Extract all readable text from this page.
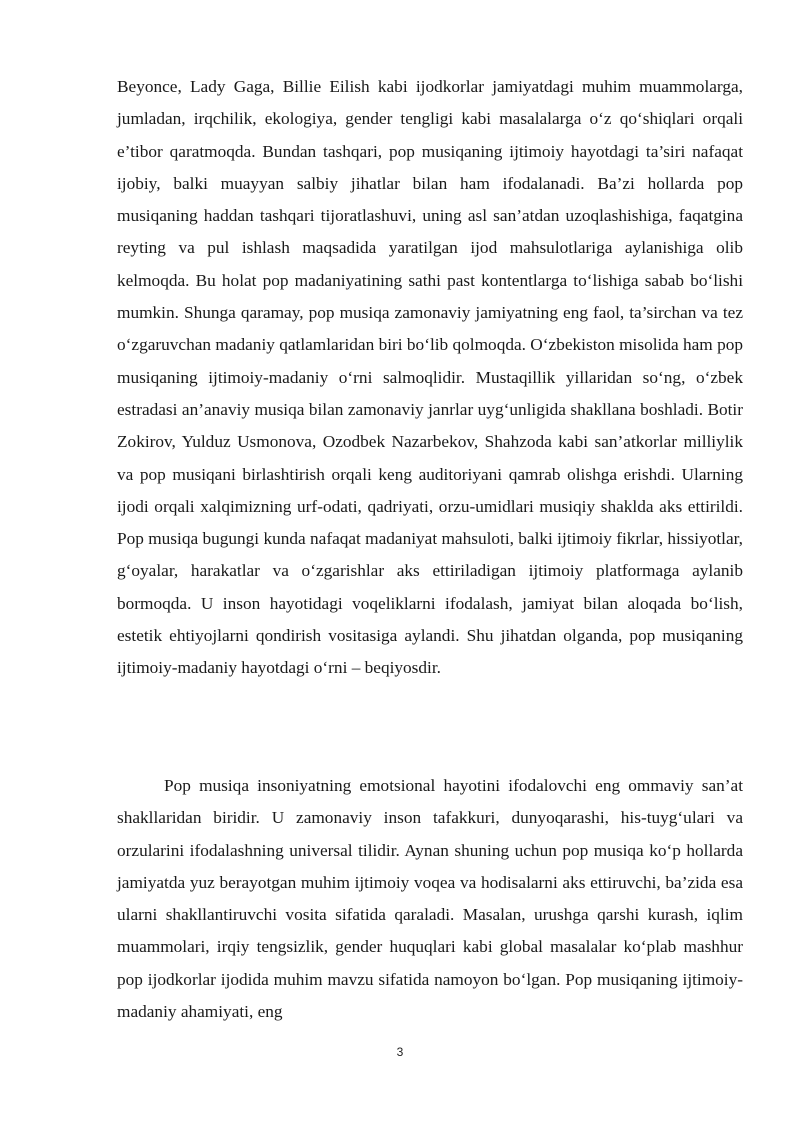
Beyonce, Lady Gaga, Billie Eilish kabi ijodkorlar jamiyatdagi muhim muammolarga, jumladan, irqchilik, ekologiya, gender tengligi kabi masalalarga o‘z qo‘shiqlari orqali e’tibor qaratmoqda. Bundan tashqari, pop musiqaning ijtimoiy hayotdagi ta’siri nafaqat ijobiy, balki muayyan salbiy jihatlar bilan ham ifodalanadi. Ba’zi hollarda pop musiqaning haddan tashqari tijoratlashuvi, uning asl san’atdan uzoqlashishiga, faqatgina reyting va pul ishlash maqsadida yaratilgan ijod mahsulotlariga aylanishiga olib kelmoqda. Bu holat pop madaniyatining sathi past kontentlarga to‘lishiga sabab bo‘lishi mumkin. Shunga qaramay, pop musiqa zamonaviy jamiyatning eng faol, ta’sirchan va tez o‘zgaruvchan madaniy qatlamlaridan biri bo‘lib qolmoqda. O‘zbekiston misolida ham pop musiqaning ijtimoiy-madaniy o‘rni salmoqlidir. Mustaqillik yillaridan so‘ng, o‘zbek estradasi an’anaviy musiqa bilan zamonaviy janrlar uyg‘unligida shakllana boshladi. Botir Zokirov, Yulduz Usmonova, Ozodbek Nazarbekov, Shahzoda kabi san’atkorlar milliylik va pop musiqani birlashtirish orqali keng auditoriyani qamrab olishga erishdi. Ularning ijodi orqali xalqimizning urf-odati, qadriyati, orzu-umidlari musiqiy shaklda aks ettirildi. Pop musiqa bugungi kunda nafaqat madaniyat mahsuloti, balki ijtimoiy fikrlar, hissiyotlar, g‘oyalar, harakatlar va o‘zgarishlar aks ettiriladigan ijtimoiy platformaga aylanib bormoqda. U inson hayotidagi voqeliklarni ifodalash, jamiyat bilan aloqada bo‘lish, estetik ehtiyojlarni qondirish vositasiga aylandi. Shu jihatdan olganda, pop musiqaning ijtimoiy-madaniy hayotdagi o‘rni – beqiyosdir.

Pop musiqa insoniyatning emotsional hayotini ifodalovchi eng ommaviy san’at shakllaridan biridir. U zamonaviy inson tafakkuri, dunyoqarashi, his-tuyg‘ulari va orzularini ifodalashning universal tilidir. Aynan shuning uchun pop musiqa ko‘p hollarda jamiyatda yuz berayotgan muhim ijtimoiy voqea va hodisalarni aks ettiruvchi, ba’zida esa ularni shakllantiruvchi vosita sifatida qaraladi. Masalan, urushga qarshi kurash, iqlim muammolari, irqiy tengsizlik, gender huquqlari kabi global masalalar ko‘plab mashhur pop ijodkorlar ijodida muhim mavzu sifatida namoyon bo‘lgan. Pop musiqaning ijtimoiy-madaniy ahamiyati, eng

3
